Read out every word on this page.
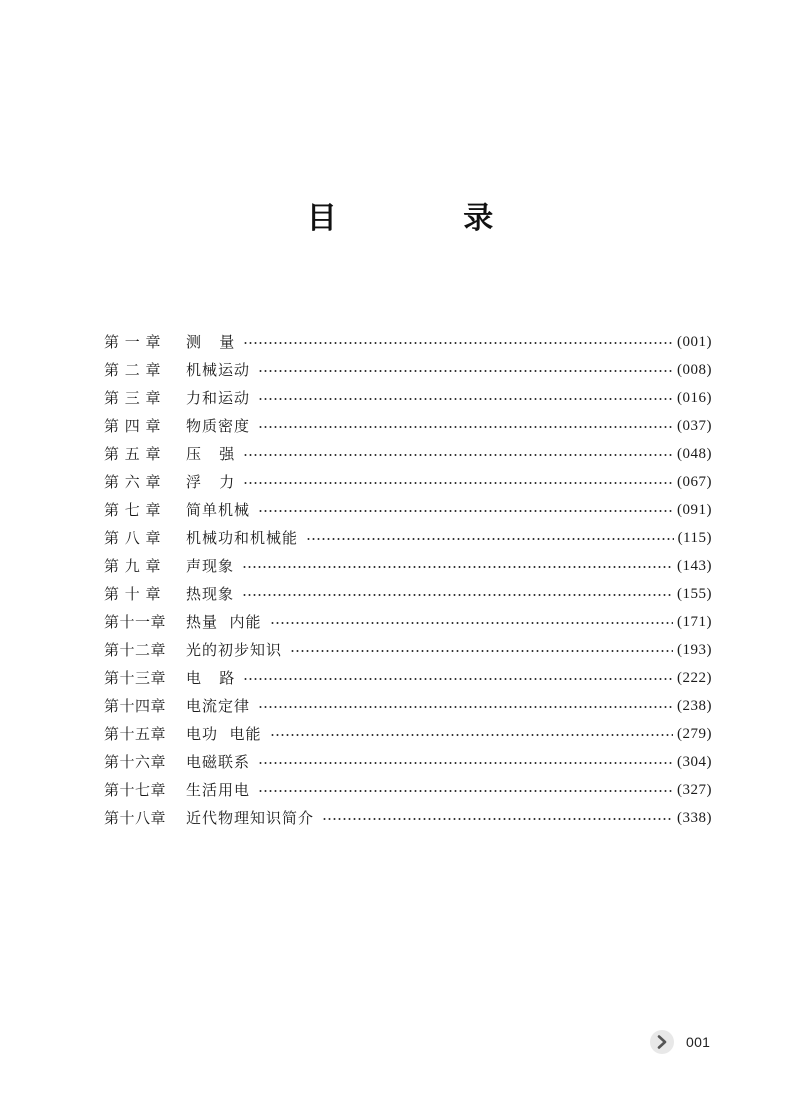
目 录
第 一 章	测   量	(001)
第 二 章	机械运动	(008)
第 三 章	力和运动	(016)
第 四 章	物质密度	(037)
第 五 章	压   强	(048)
第 六 章	浮   力	(067)
第 七 章	简单机械	(091)
第 八 章	机械功和机械能	(115)
第 九 章	声现象	(143)
第 十 章	热现象	(155)
第十一章 热量  内能	(171)
第十二章 光的初步知识	(193)
第十三章 电   路	(222)
第十四章 电流定律	(238)
第十五章 电功  电能	(279)
第十六章 电磁联系	(304)
第十七章 生活用电	(327)
第十八章 近代物理知识简介	(338)
001
